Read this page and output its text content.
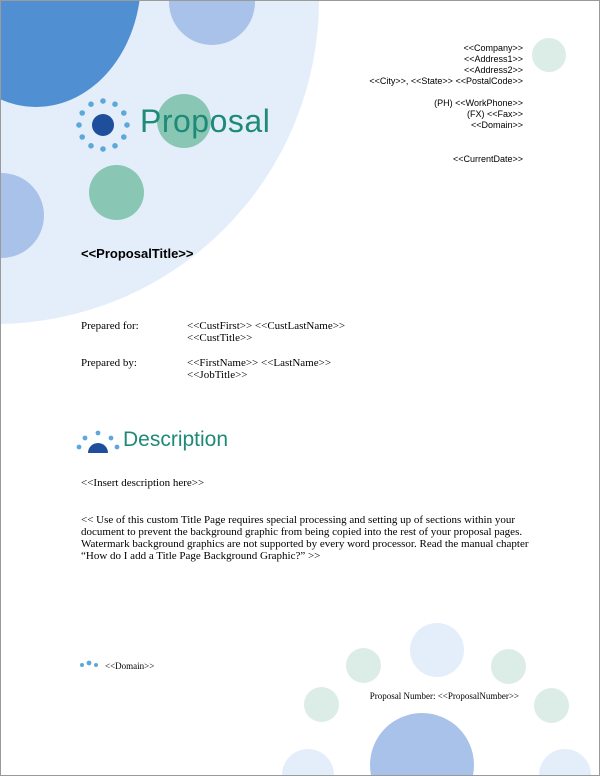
Proposal
<<Company>>
<<Address1>>
<<Address2>>
<<City>>, <<State>> <<PostalCode>>
(PH) <<WorkPhone>>
(FX) <<Fax>>
<<Domain>>
<<CurrentDate>>
<<ProposalTitle>>
Prepared for:	<<CustFirst>> <<CustLastName>>
<<CustTitle>>
Prepared by:	<<FirstName>> <<LastName>>
<<JobTitle>>
Description
<<Insert description here>>
<< Use of this custom Title Page requires special processing and setting up of sections within your document to prevent the background graphic from being copied into the rest of your proposal pages. Watermark background graphics are not supported by every word processor. Read the manual chapter “How do I add a Title Page Background Graphic?” >>
<<Domain>>
Proposal Number: <<ProposalNumber>>
